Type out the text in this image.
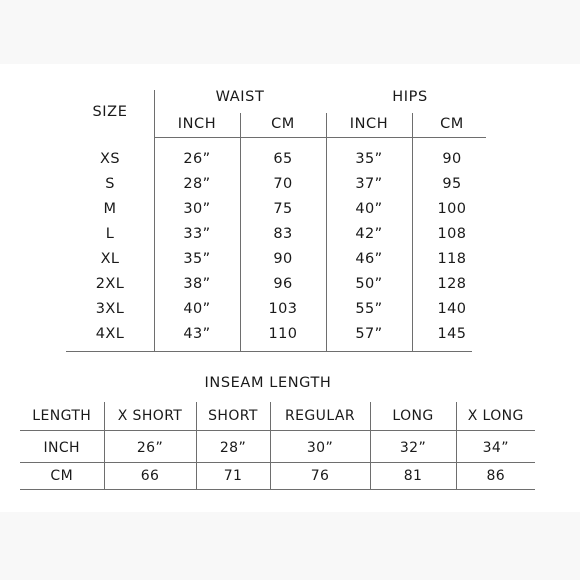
SIZE
WAIST	HIPS
INCH	CM	INCH	CM
XS	26”	65	35”	90
S	28”	70	37”	95
M	30”	75	40”	100
L	33”	83	42”	108
XL	35”	90	46”	118
2XL	38”	96	50”	128
3XL	40”	103	55”	140
4XL	43”	110	57”	145
INSEAM LENGTH
LENGTH	X SHORT	SHORT	REGULAR	LONG	X LONG
INCH	26”	28”	30”	32”	34”
CM	66	71	76	81	86
